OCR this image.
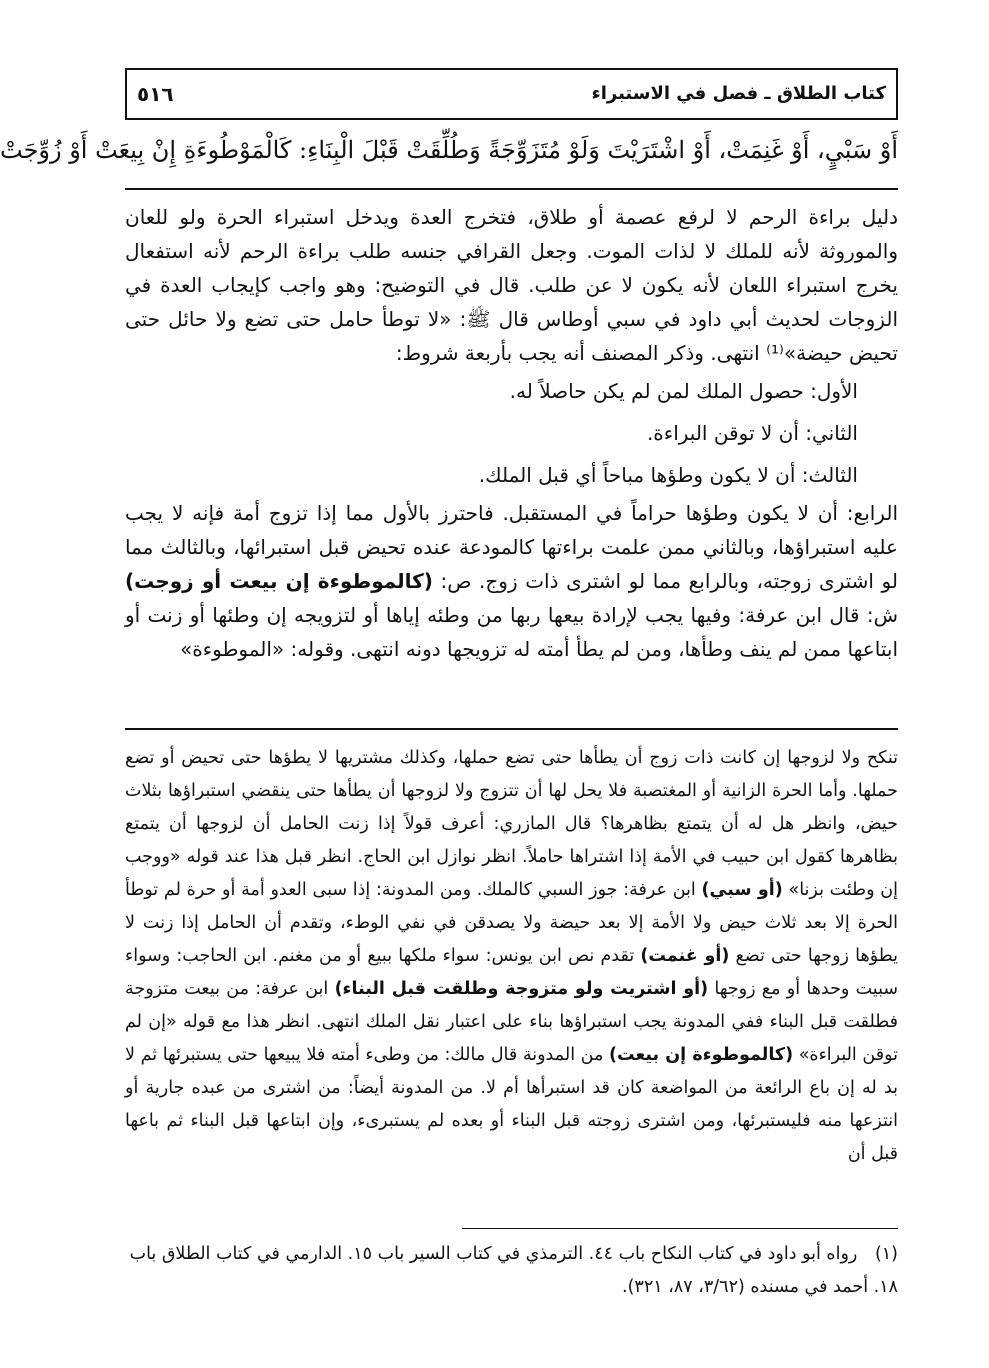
كتاب الطلاق ـ فصل في الاستبراء
٥١٦
أَوْ سَبْيٍ، أَوْ غَنِمَتْ، أَوْ اشْتَرَيْتَ وَلَوْ مُتَزَوِّجَةً وَطُلِّقَتْ قَبْلَ الْبِنَاءِ: كَالْمَوْطُوءَةِ إِنْ بِيعَتْ أَوْ زُوِّجَتْ

دليل براءة الرحم لا لرفع عصمة أو طلاق، فتخرج العدة ويدخل استبراء الحرة ولو للعان والموروثة لأنه للملك لا لذات الموت. وجعل القرافي جنسه طلب براءة الرحم لأنه استفعال يخرج استبراء اللعان لأنه يكون لا عن طلب. قال في التوضيح: وهو واجب كإيجاب العدة في الزوجات لحديث أبي داود في سبي أوطاس قال ﷺ: «لا توطأ حامل حتى تضع ولا حائل حتى تحيض حيضة»⁽¹⁾ انتهى. وذكر المصنف أنه يجب بأربعة شروط:

الأول: حصول الملك لمن لم يكن حاصلاً له.

الثاني: أن لا توقن البراءة.

الثالث: أن لا يكون وطؤها مباحاً أي قبل الملك.

الرابع: أن لا يكون وطؤها حراماً في المستقبل. فاحترز بالأول مما إذا تزوج أمة فإنه لا يجب عليه استبراؤها، وبالثاني ممن علمت براءتها كالمودعة عنده تحيض قبل استبرائها، وبالثالث مما لو اشترى زوجته، وبالرابع مما لو اشترى ذات زوج. ص: (كالموطوءة إن بيعت أو زوجت) ش: قال ابن عرفة: وفيها يجب لإرادة بيعها ربها من وطئه إياها أو لتزويجه إن وطئها أو زنت أو ابتاعها ممن لم ينف وطأها، ومن لم يطأ أمته له تزويجها دونه انتهى. وقوله: «الموطوءة»

تنكح ولا لزوجها إن كانت ذات زوج أن يطأها حتى تضع حملها، وكذلك مشتريها لا يطؤها حتى تحيض أو تضع حملها. وأما الحرة الزانية أو المغتصبة فلا يحل لها أن تتزوج ولا لزوجها أن يطأها حتى ينقضي استبراؤها بثلاث حيض، وانظر هل له أن يتمتع بظاهرها؟ قال المازري: أعرف قولاً إذا زنت الحامل أن لزوجها أن يتمتع بظاهرها كقول ابن حبيب في الأمة إذا اشتراها حاملاً. انظر نوازل ابن الحاج. انظر قبل هذا عند قوله «ووجب إن وطئت بزنا» (أو سبي) ابن عرفة: جوز السبي كالملك. ومن المدونة: إذا سبى العدو أمة أو حرة لم توطأ الحرة إلا بعد ثلاث حيض ولا الأمة إلا بعد حيضة ولا يصدقن في نفي الوطء، وتقدم أن الحامل إذا زنت لا يطؤها زوجها حتى تضع (أو غنمت) تقدم نص ابن يونس: سواء ملكها ببيع أو من مغنم. ابن الحاجب: وسواء سبيت وحدها أو مع زوجها (أو اشتريت ولو متزوجة وطلقت قبل البناء) ابن عرفة: من بيعت متزوجة فطلقت قبل البناء ففي المدونة يجب استبراؤها بناء على اعتبار نقل الملك انتهى. انظر هذا مع قوله «إن لم توقن البراءة» (كالموطوءة إن بيعت) من المدونة قال مالك: من وطىء أمته فلا يبيعها حتى يستبرئها ثم لا بد له إن باع الرائعة من المواضعة كان قد استبرأها أم لا. من المدونة أيضاً: من اشترى من عبده جارية أو انتزعها منه فليستبرئها، ومن اشترى زوجته قبل البناء أو بعده لم يستبرىء، وإن ابتاعها قبل البناء ثم باعها قبل أن

(١) رواه أبو داود في كتاب النكاح باب ٤٤. الترمذي في كتاب السير باب ١٥. الدارمي في كتاب الطلاق باب ١٨. أحمد في مسنده (٣/٦٢، ٨٧، ٣٢١).
